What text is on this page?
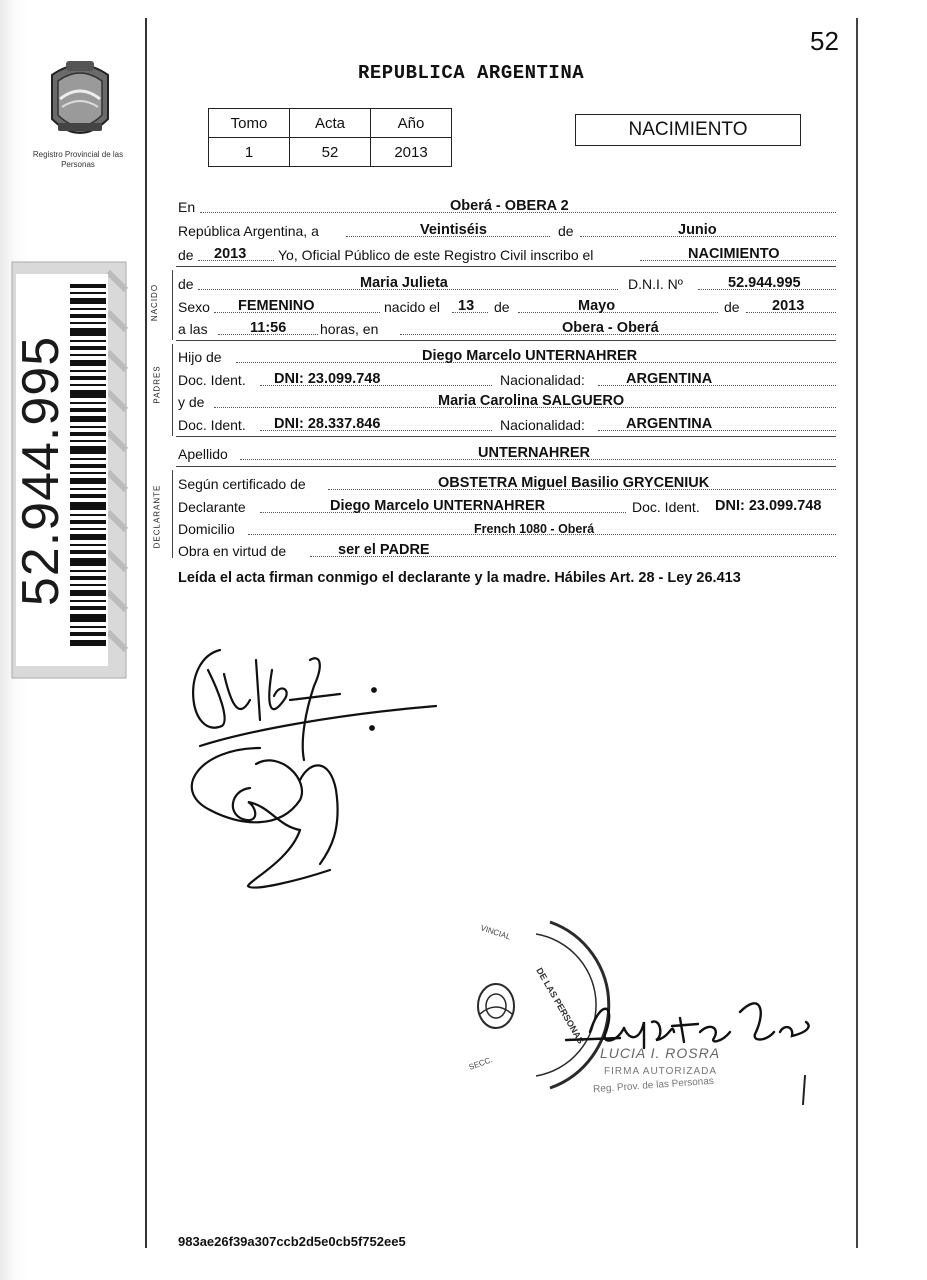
Registro Provincial de las Personas
52.944.995
52
REPUBLICA ARGENTINA
Tomo	Acta	Año
1	52	2013
NACIMIENTO
En	Oberá - OBERA 2
República Argentina, a	Veintiséis	de	Junio
de 2013 Yo, Oficial Público de este Registro Civil inscribo el	NACIMIENTO
NACIDO de	Maria Julieta	D.N.I. Nº	52.944.995
Sexo FEMENINO	nacido el 13 de	Mayo	de 2013
a las	11:56 horas, en	Obera - Oberá
PADRES
Hijo de	Diego Marcelo UNTERNAHRER
Doc. Ident. DNI: 23.099.748	Nacionalidad:	ARGENTINA
y de	Maria Carolina SALGUERO
Doc. Ident. DNI: 28.337.846	Nacionalidad:	ARGENTINA
Apellido	UNTERNAHRER
DECLARANTE
Según certificado de	OBSTETRA Miguel Basilio GRYCENIUK
Declarante	Diego Marcelo UNTERNAHRER	Doc. Ident. DNI: 23.099.748
Domicilio	French 1080 - Oberá
Obra en virtud de	ser el PADRE
Leída el acta firman conmigo el declarante y la madre. Hábiles Art. 28 - Ley 26.413
DE LAS PERSONAS
VINCIAL
SECC.
LUCIA I. ROSRA
FIRMA AUTORIZADA
Reg. Prov. de las Personas
983ae26f39a307ccb2d5e0cb5f752ee5
